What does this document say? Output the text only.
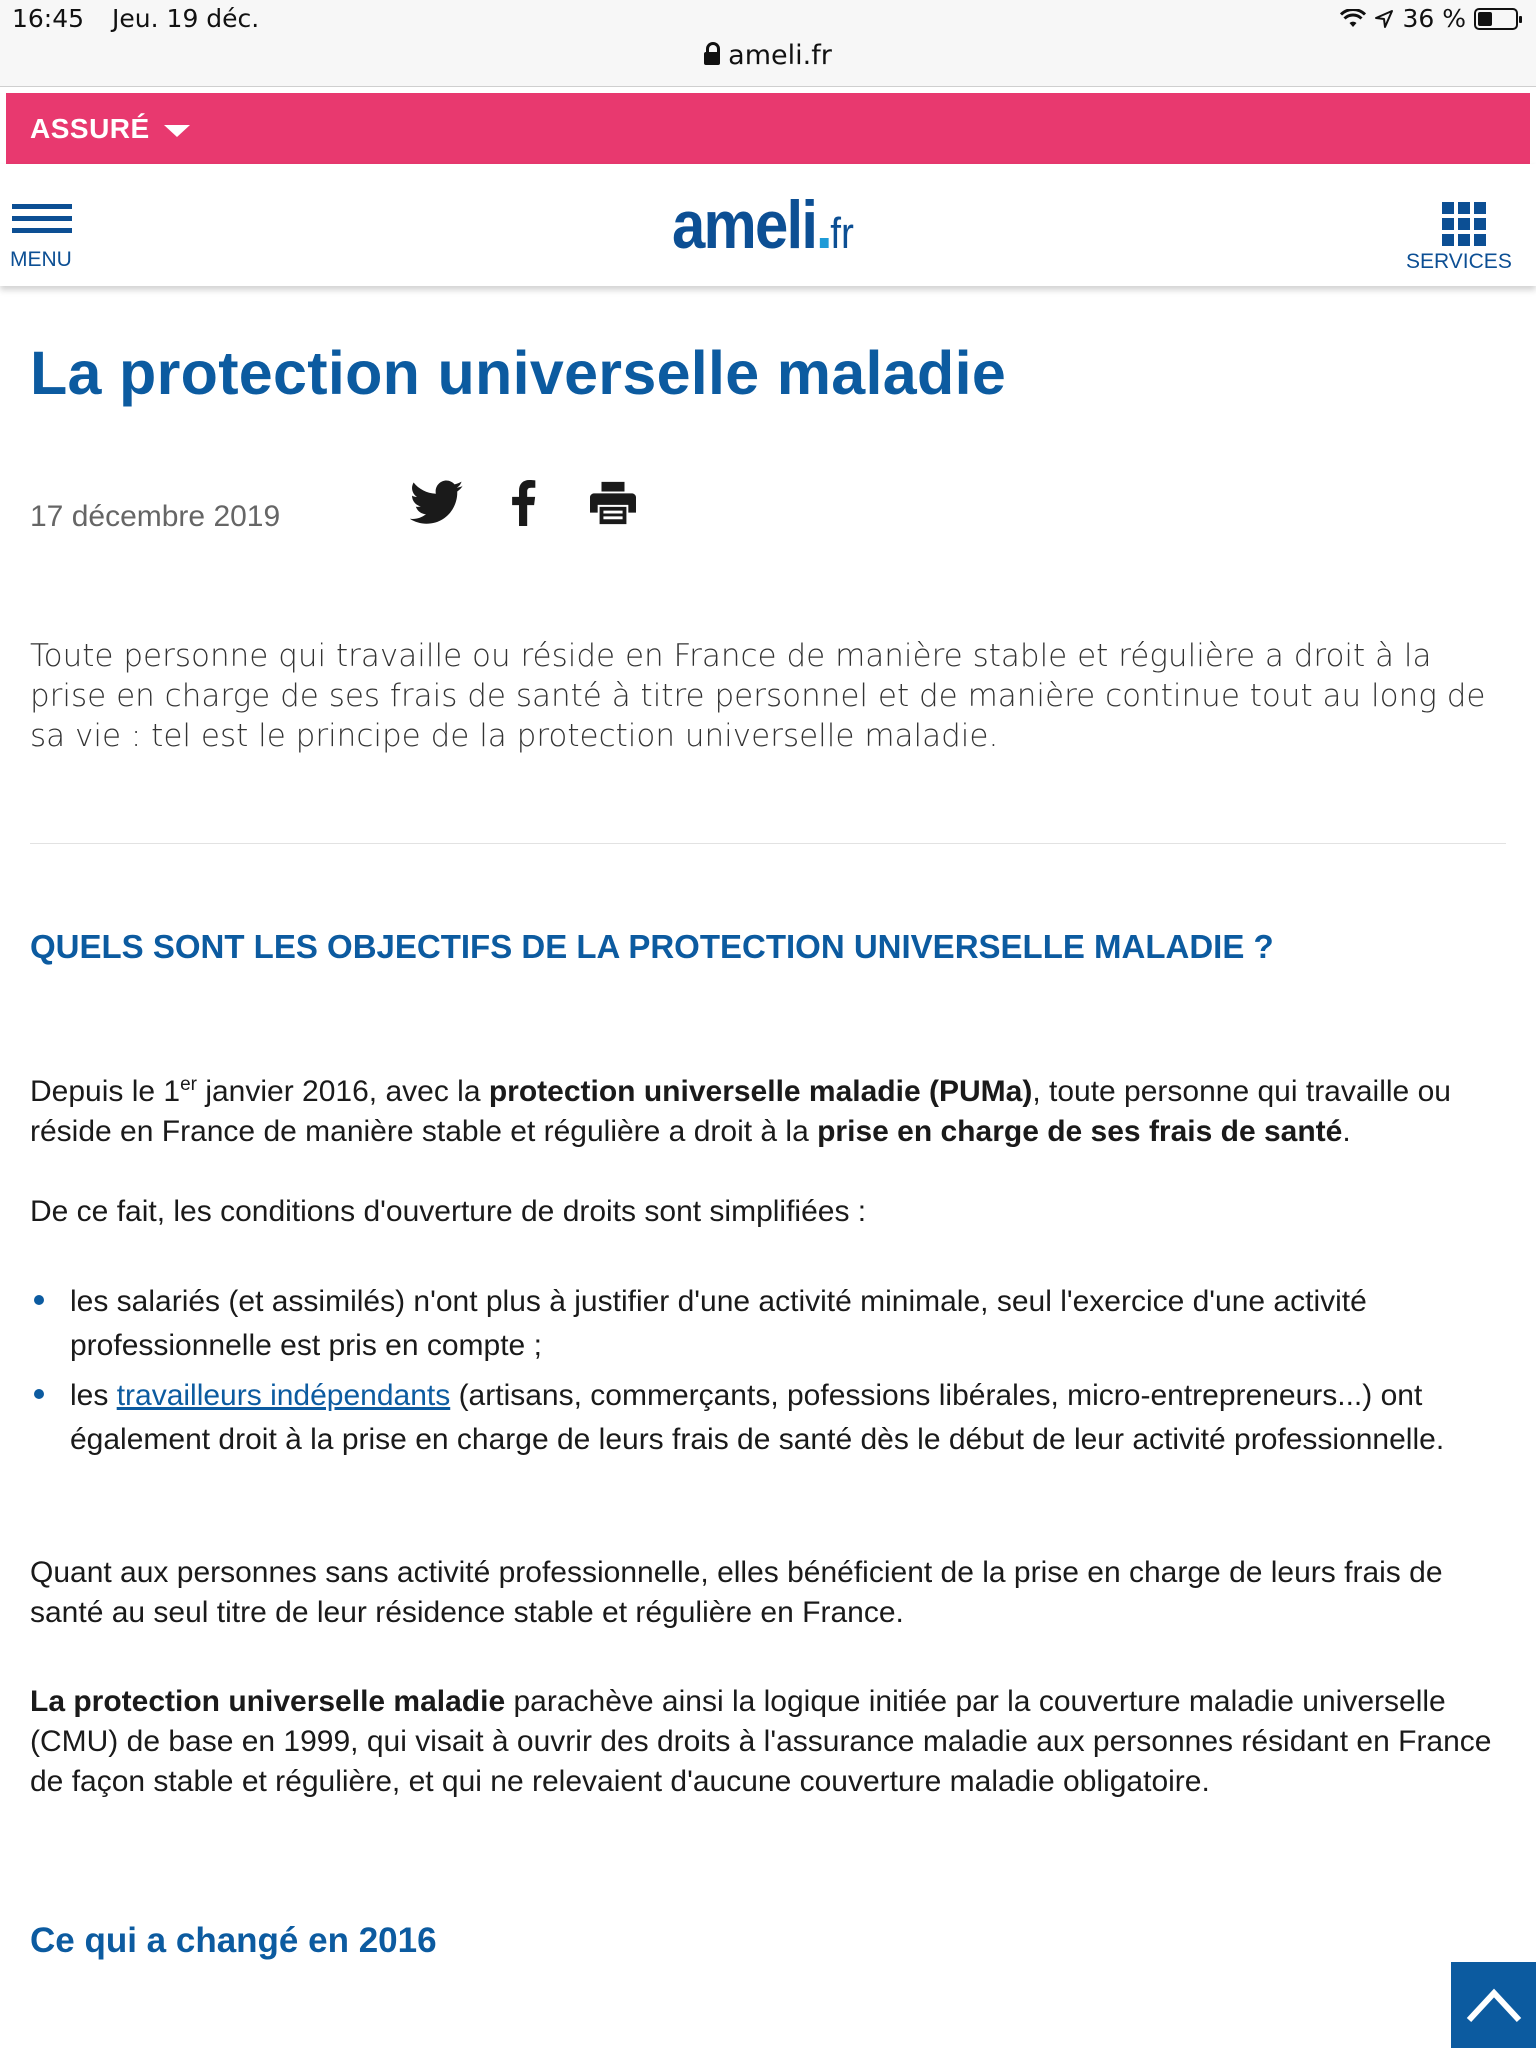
16:45 Jeu. 19 déc.	36 %
ameli.fr
ASSURÉ
MENU	ameli fr
SERVICES
La protection universelle maladie
17 décembre 2019

Toute personne qui travaille ou réside en France de manière stable et régulière a droit à la prise en charge de ses frais de santé à titre personnel et de manière continue tout au long de sa vie : tel est le principe de la protection universelle maladie.

QUELS SONT LES OBJECTIFS DE LA PROTECTION UNIVERSELLE MALADIE ?

Depuis le 1er janvier 2016, avec la protection universelle maladie (PUMa), toute personne qui travaille ou réside en France de manière stable et régulière a droit à la prise en charge de ses frais de santé.

De ce fait, les conditions d'ouverture de droits sont simplifiées :

les salariés (et assimilés) n'ont plus à justifier d'une activité minimale, seul l'exercice d'une activité professionnelle est pris en compte ;
les travailleurs indépendants (artisans, commerçants, pofessions libérales, micro-entrepreneurs...) ont également droit à la prise en charge de leurs frais de santé dès le début de leur activité professionnelle.

Quant aux personnes sans activité professionnelle, elles bénéficient de la prise en charge de leurs frais de santé au seul titre de leur résidence stable et régulière en France.

La protection universelle maladie parachève ainsi la logique initiée par la couverture maladie universelle (CMU) de base en 1999, qui visait à ouvrir des droits à l'assurance maladie aux personnes résidant en France de façon stable et régulière, et qui ne relevaient d'aucune couverture maladie obligatoire.

Ce qui a changé en 2016
